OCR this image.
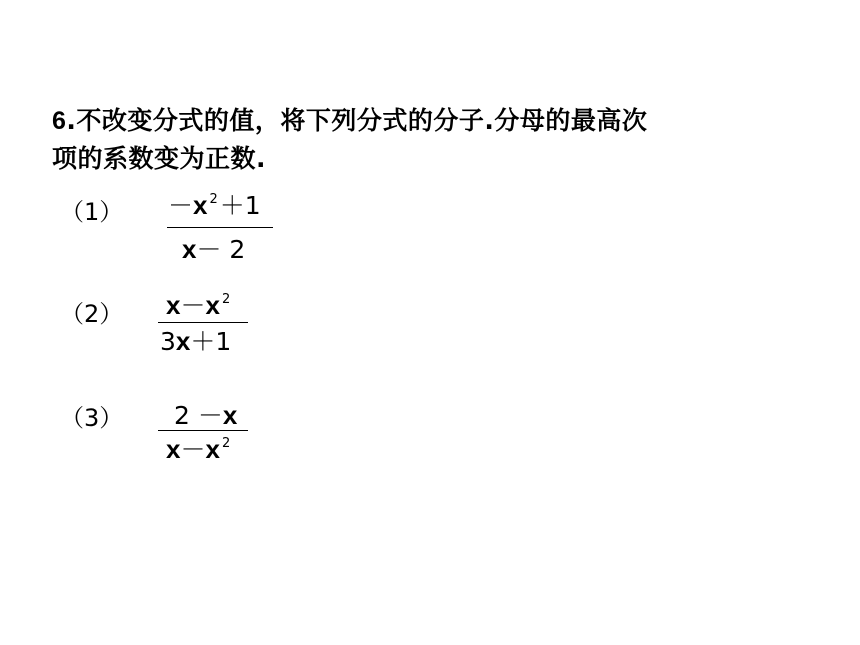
6.不改变分式的值，将下列分式的分子.分母的最高次
项的系数变为正数.
（1） －x $^2$＋1
x－ 2
（2） x－x $^2$
3x＋1
（3） 2 －x
x－x $^2$
